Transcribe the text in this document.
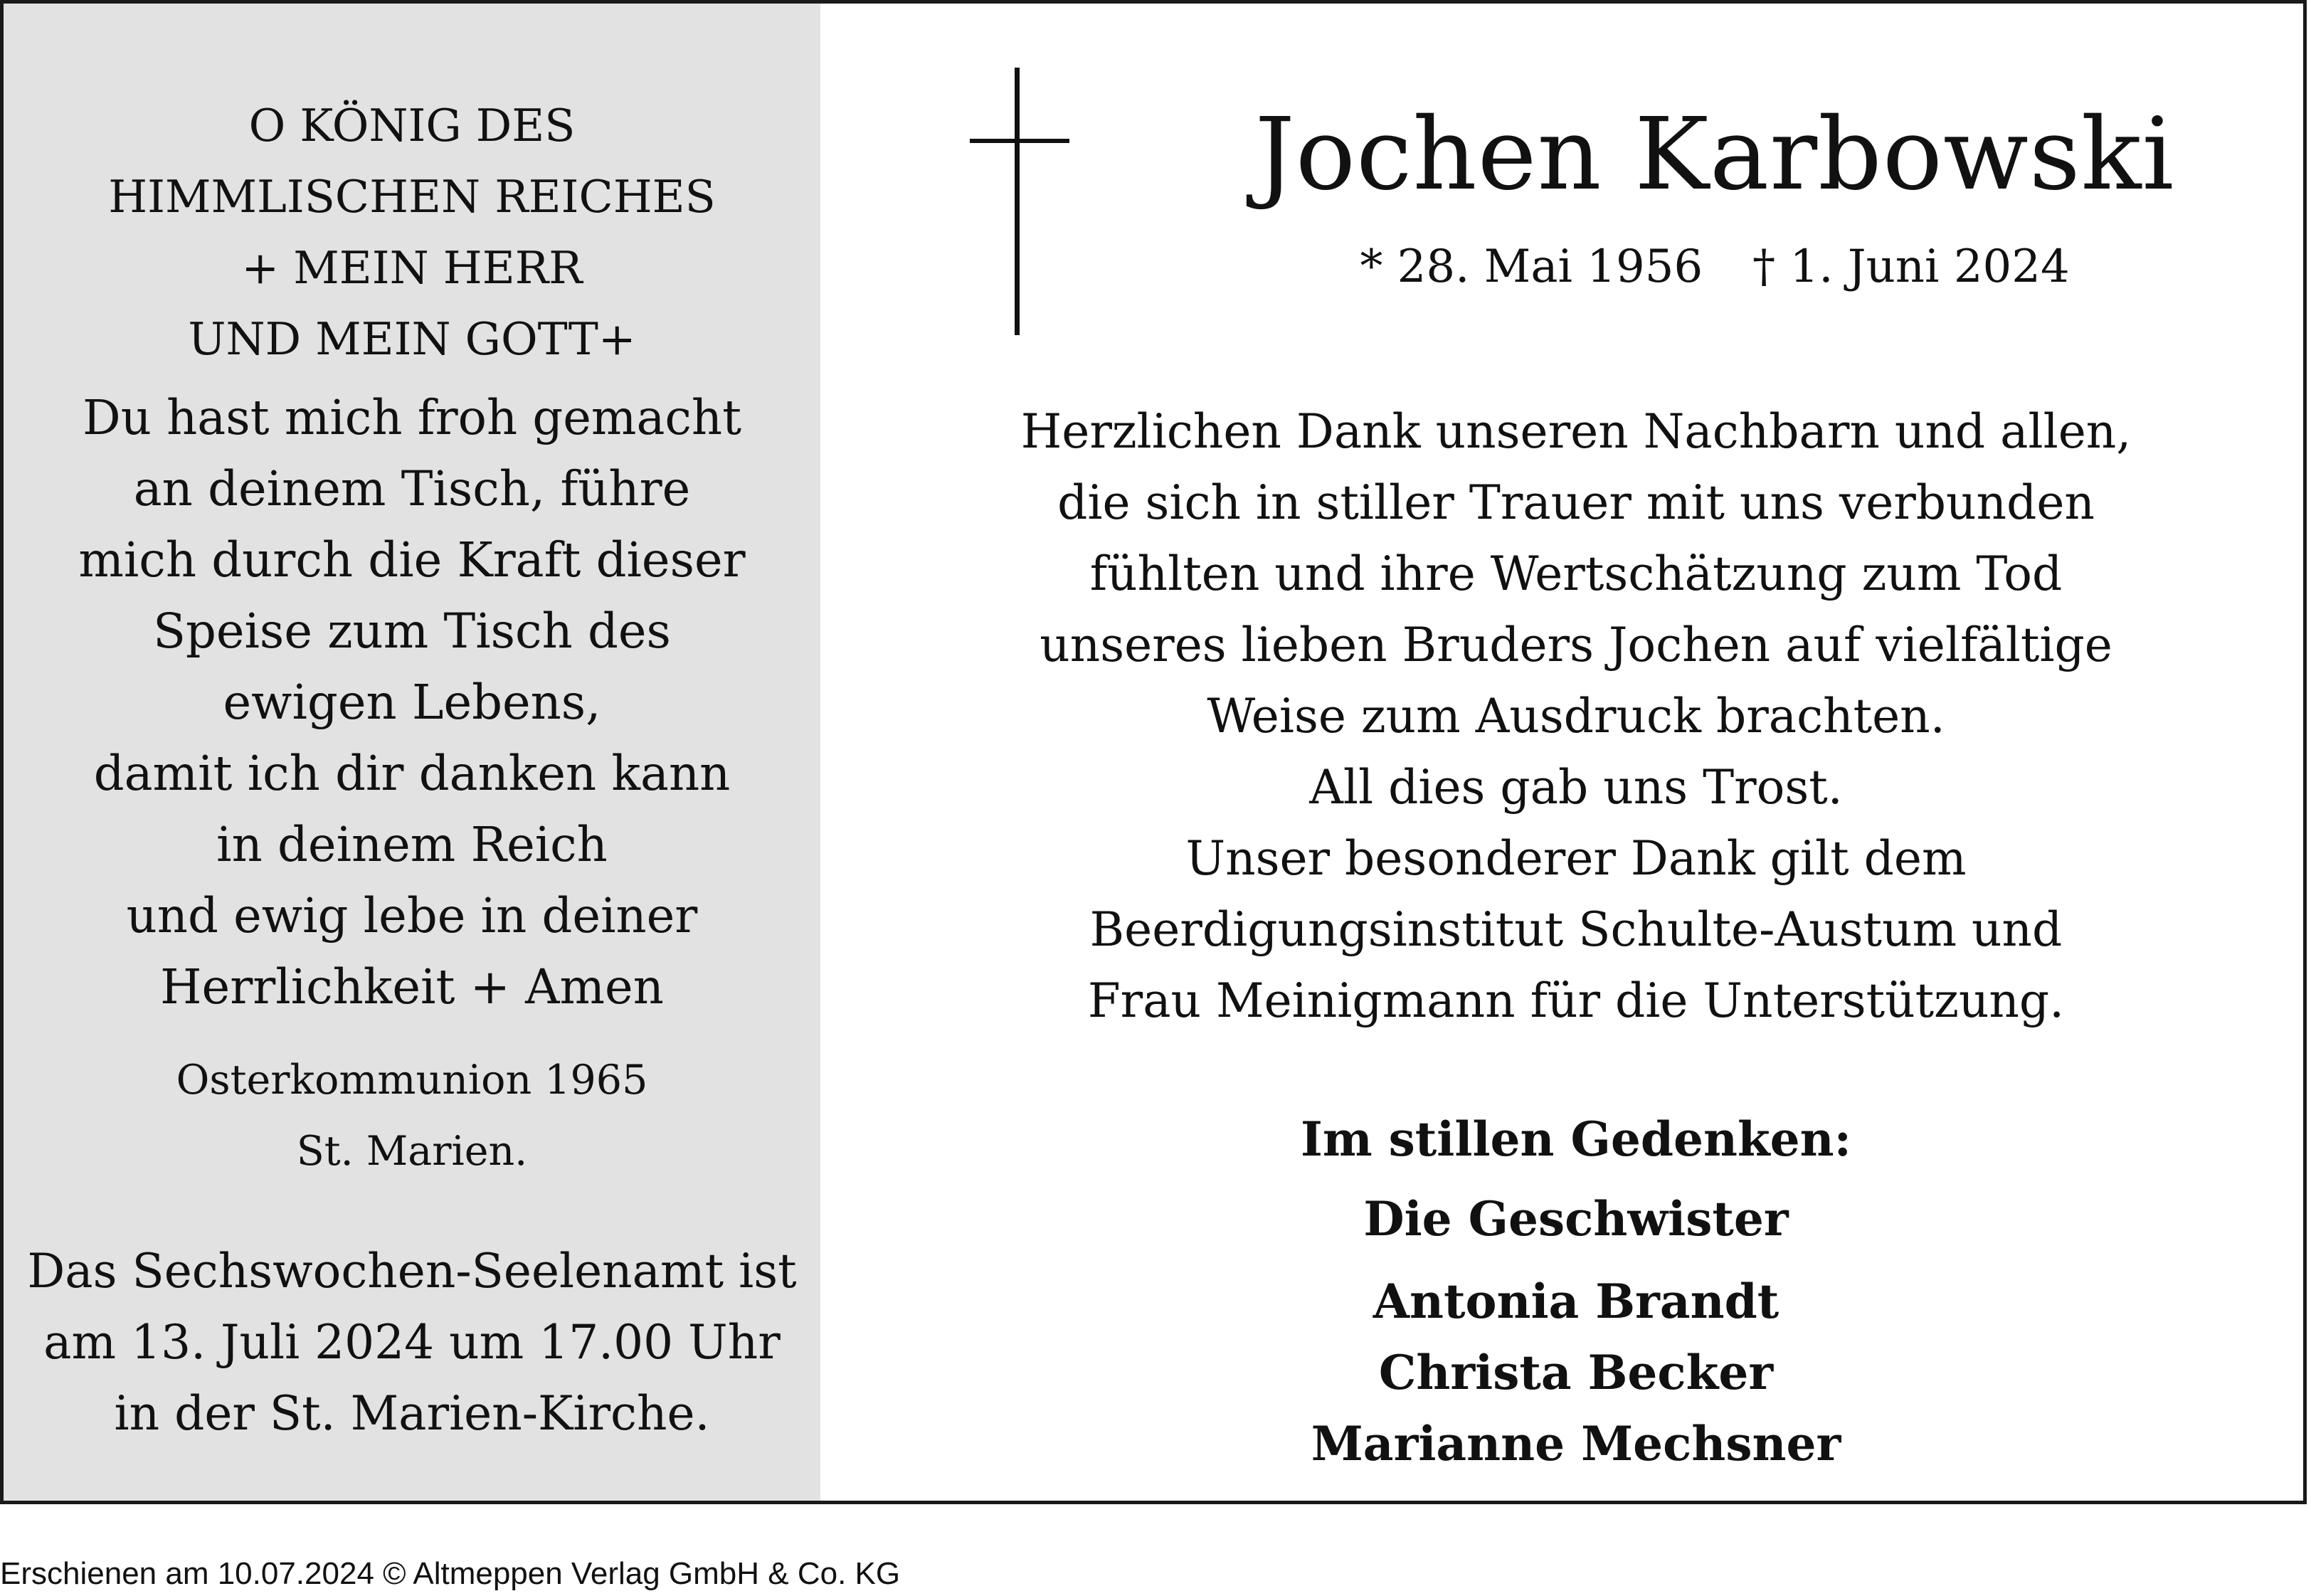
O KÖNIG DES
HIMMLISCHEN REICHES
+ MEIN HERR
UND MEIN GOTT+
Du hast mich froh gemacht
an deinem Tisch, führe
mich durch die Kraft dieser
Speise zum Tisch des
ewigen Lebens,
damit ich dir danken kann
in deinem Reich
und ewig lebe in deiner
Herrlichkeit + Amen
Osterkommunion 1965
St. Marien.
Das Sechswochen-Seelenamt ist
am 13. Juli 2024 um 17.00 Uhr
in der St. Marien-Kirche.
Jochen Karbowski
* 28. Mai 1956 † 1. Juni 2024
Herzlichen Dank unseren Nachbarn und allen,
die sich in stiller Trauer mit uns verbunden
fühlten und ihre Wertschätzung zum Tod
unseres lieben Bruders Jochen auf vielfältige
Weise zum Ausdruck brachten.
All dies gab uns Trost.
Unser besonderer Dank gilt dem
Beerdigungsinstitut Schulte-Austum und
Frau Meinigmann für die Unterstützung.
Im stillen Gedenken:
Die Geschwister
Antonia Brandt
Christa Becker
Marianne Mechsner
Erschienen am 10.07.2024 © Altmeppen Verlag GmbH & Co. KG
